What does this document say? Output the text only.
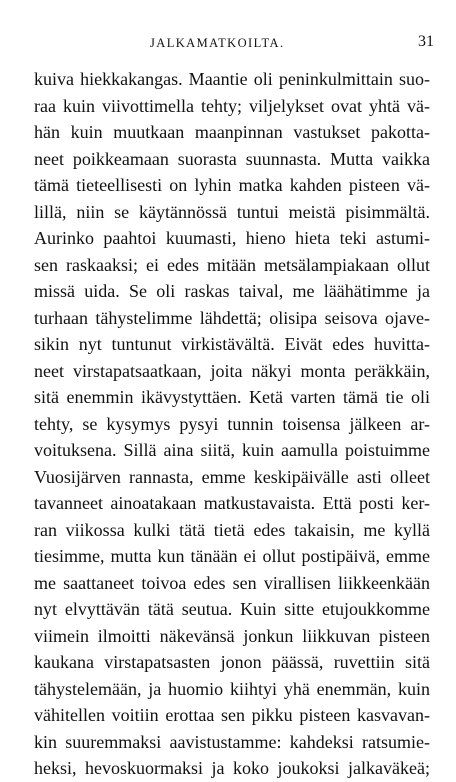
JALKAMATKOILTA.	31
kuiva hiekkakangas. Maantie oli peninkulmittain suo-
raa kuin viivottimella tehty; viljelykset ovat yhtä vä-
hän kuin muutkaan maanpinnan vastukset pakotta-
neet poikkeamaan suorasta suunnasta. Mutta vaikka
tämä tieteellisesti on lyhin matka kahden pisteen vä-
lillä, niin se käytännössä tuntui meistä pisimmältä.
Aurinko paahtoi kuumasti, hieno hieta teki astumi-
sen raskaaksi; ei edes mitään metsälampiakaan ollut
missä uida. Se oli raskas taival, me läähätimme ja
turhaan tähystelimme lähdettä; olisipa seisova ojave-
sikin nyt tuntunut virkistävältä. Eivät edes huvitta-
neet virstapatsaatkaan, joita näkyi monta peräkkäin,
sitä enemmin ikävystyttäen. Ketä varten tämä tie oli
tehty, se kysymys pysyi tunnin toisensa jälkeen ar-
voituksena. Sillä aina siitä, kuin aamulla poistuimme
Vuosijärven rannasta, emme keskipäivälle asti olleet
tavanneet ainoatakaan matkustavaista. Että posti ker-
ran viikossa kulki tätä tietä edes takaisin, me kyllä
tiesimme, mutta kun tänään ei ollut postipäivä, emme
me saattaneet toivoa edes sen virallisen liikkeenkään
nyt elvyttävän tätä seutua. Kuin sitte etujoukkomme
viimein ilmoitti näkevänsä jonkun liikkuvan pisteen
kaukana virstapatsasten jonon päässä, ruvettiin sitä
tähystelemään, ja huomio kiihtyi yhä enemmän, kuin
vähitellen voitiin erottaa sen pikku pisteen kasvavan-
kin suuremmaksi aavistustamme: kahdeksi ratsumie-
heksi, hevoskuormaksi ja koko joukoksi jalkaväkeä;
